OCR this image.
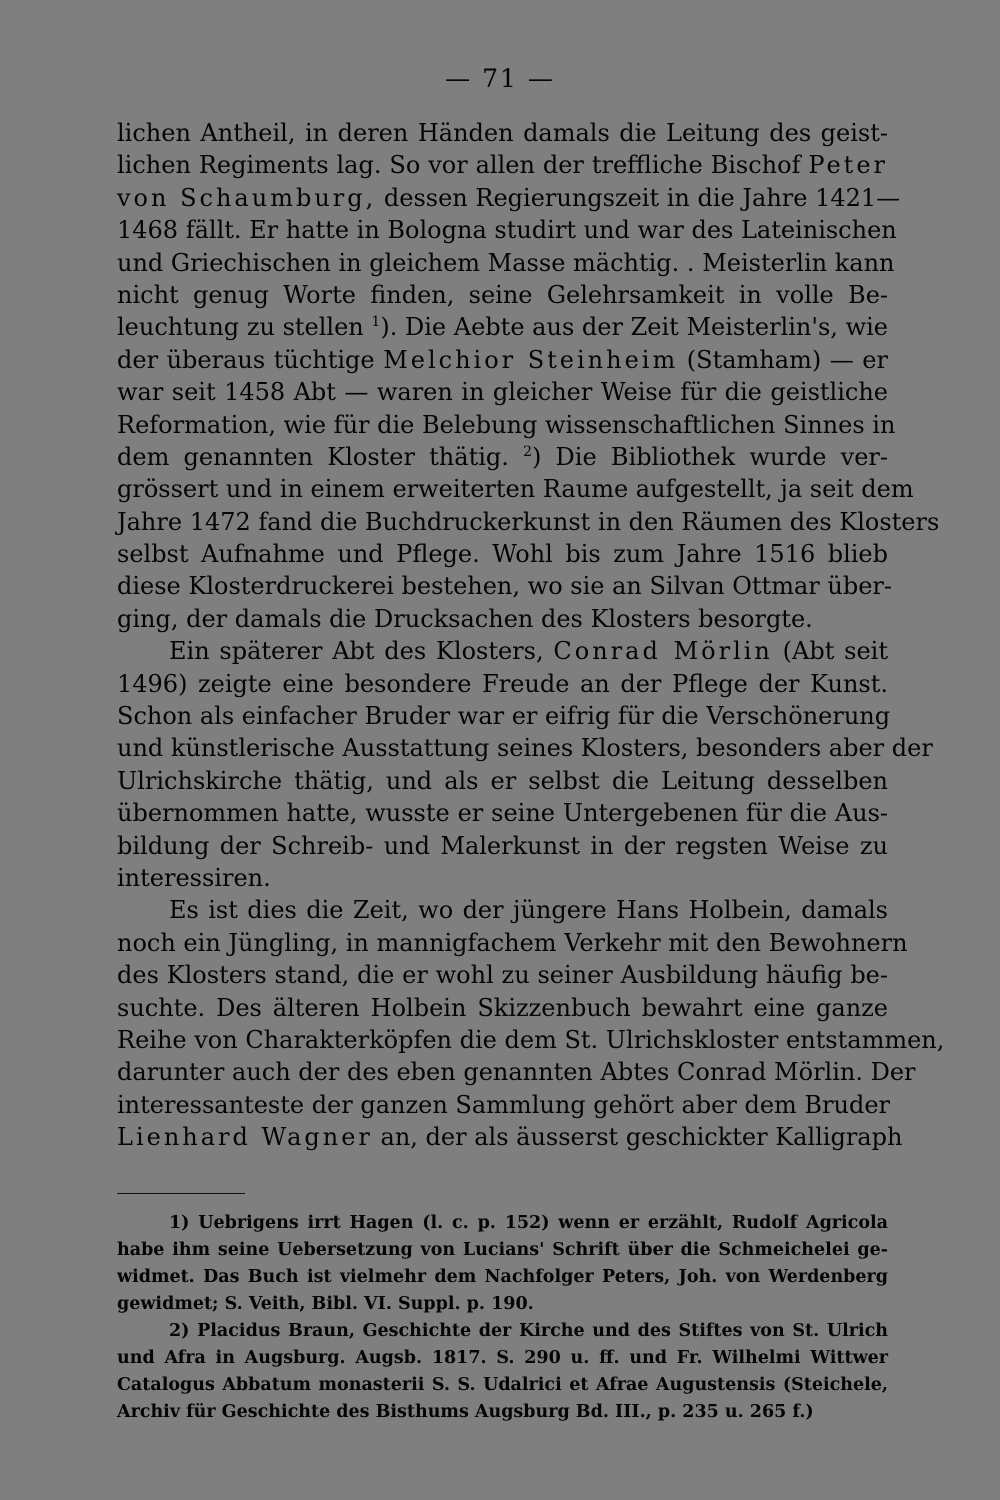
— 71 —
lichen Antheil, in deren Händen damals die Leitung des geist-
lichen Regiments lag. So vor allen der treffliche Bischof Peter
von Schaumburg, dessen Regierungszeit in die Jahre 1421—
1468 fällt. Er hatte in Bologna studirt und war des Lateinischen
und Griechischen in gleichem Masse mächtig. . Meisterlin kann
nicht genug Worte finden, seine Gelehrsamkeit in volle Be-
leuchtung zu stellen $^1$). Die Aebte aus der Zeit Meisterlin's, wie
der überaus tüchtige Melchior Steinheim (Stamham) — er
war seit 1458 Abt — waren in gleicher Weise für die geistliche
Reformation, wie für die Belebung wissenschaftlichen Sinnes in
dem genannten Kloster thätig. $^2$) Die Bibliothek wurde ver-
grössert und in einem erweiterten Raume aufgestellt, ja seit dem
Jahre 1472 fand die Buchdruckerkunst in den Räumen des Klosters
selbst Aufnahme und Pflege. Wohl bis zum Jahre 1516 blieb
diese Klosterdruckerei bestehen, wo sie an Silvan Ottmar über-
ging, der damals die Drucksachen des Klosters besorgte.
Ein späterer Abt des Klosters, Conrad Mörlin (Abt seit
1496) zeigte eine besondere Freude an der Pflege der Kunst.
Schon als einfacher Bruder war er eifrig für die Verschönerung
und künstlerische Ausstattung seines Klosters, besonders aber der
Ulrichskirche thätig, und als er selbst die Leitung desselben
übernommen hatte, wusste er seine Untergebenen für die Aus-
bildung der Schreib- und Malerkunst in der regsten Weise zu
interessiren.
Es ist dies die Zeit, wo der jüngere Hans Holbein, damals
noch ein Jüngling, in mannigfachem Verkehr mit den Bewohnern
des Klosters stand, die er wohl zu seiner Ausbildung häufig be-
suchte. Des älteren Holbein Skizzenbuch bewahrt eine ganze
Reihe von Charakterköpfen die dem St. Ulrichskloster entstammen,
darunter auch der des eben genannten Abtes Conrad Mörlin. Der
interessanteste der ganzen Sammlung gehört aber dem Bruder
Lienhard Wagner an, der als äusserst geschickter Kalligraph
1) Uebrigens irrt Hagen (l. c. p. 152) wenn er erzählt, Rudolf Agricola
habe ihm seine Uebersetzung von Lucians' Schrift über die Schmeichelei ge-
widmet. Das Buch ist vielmehr dem Nachfolger Peters, Joh. von Werdenberg
gewidmet; S. Veith, Bibl. VI. Suppl. p. 190.
2) Placidus Braun, Geschichte der Kirche und des Stiftes von St. Ulrich
und Afra in Augsburg. Augsb. 1817. S. 290 u. ff. und Fr. Wilhelmi Wittwer
Catalogus Abbatum monasterii S. S. Udalrici et Afrae Augustensis (Steichele,
Archiv für Geschichte des Bisthums Augsburg Bd. III., p. 235 u. 265 f.)
